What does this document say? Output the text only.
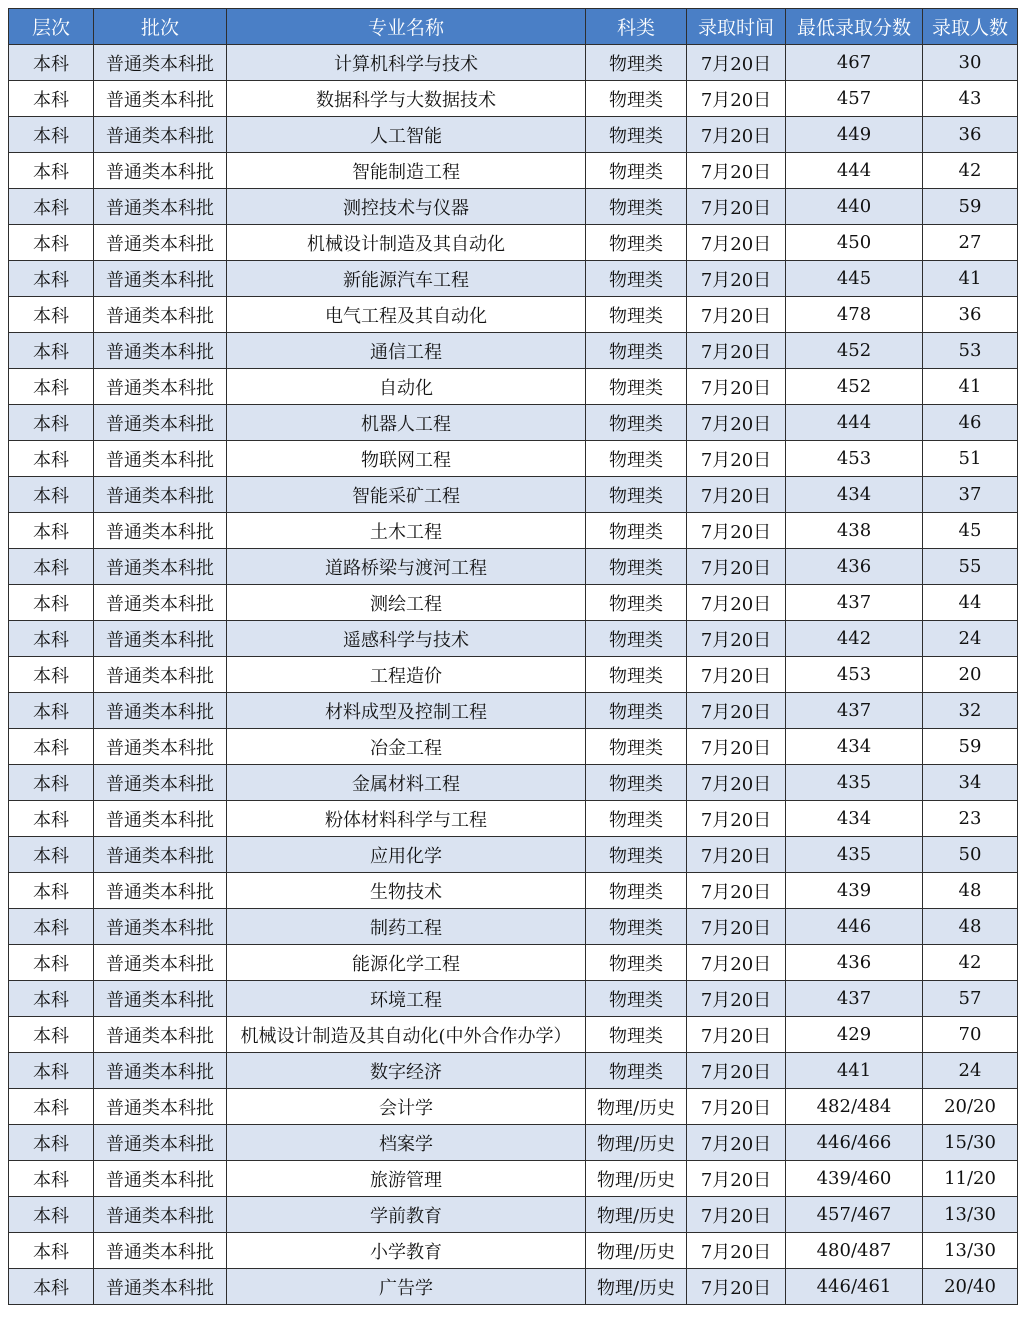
层次	批次	专业名称	科类	录取时间	最低录取分数	录取人数
本科	普通类本科批	计算机科学与技术	物理类	7月20日	467	30
本科	普通类本科批	数据科学与大数据技术	物理类	7月20日	457	43
本科	普通类本科批	人工智能	物理类	7月20日	449	36
本科	普通类本科批	智能制造工程	物理类	7月20日	444	42
本科	普通类本科批	测控技术与仪器	物理类	7月20日	440	59
本科	普通类本科批	机械设计制造及其自动化	物理类	7月20日	450	27
本科	普通类本科批	新能源汽车工程	物理类	7月20日	445	41
本科	普通类本科批	电气工程及其自动化	物理类	7月20日	478	36
本科	普通类本科批	通信工程	物理类	7月20日	452	53
本科	普通类本科批	自动化	物理类	7月20日	452	41
本科	普通类本科批	机器人工程	物理类	7月20日	444	46
本科	普通类本科批	物联网工程	物理类	7月20日	453	51
本科	普通类本科批	智能采矿工程	物理类	7月20日	434	37
本科	普通类本科批	土木工程	物理类	7月20日	438	45
本科	普通类本科批	道路桥梁与渡河工程	物理类	7月20日	436	55
本科	普通类本科批	测绘工程	物理类	7月20日	437	44
本科	普通类本科批	遥感科学与技术	物理类	7月20日	442	24
本科	普通类本科批	工程造价	物理类	7月20日	453	20
本科	普通类本科批	材料成型及控制工程	物理类	7月20日	437	32
本科	普通类本科批	冶金工程	物理类	7月20日	434	59
本科	普通类本科批	金属材料工程	物理类	7月20日	435	34
本科	普通类本科批	粉体材料科学与工程	物理类	7月20日	434	23
本科	普通类本科批	应用化学	物理类	7月20日	435	50
本科	普通类本科批	生物技术	物理类	7月20日	439	48
本科	普通类本科批	制药工程	物理类	7月20日	446	48
本科	普通类本科批	能源化学工程	物理类	7月20日	436	42
本科	普通类本科批	环境工程	物理类	7月20日	437	57
本科	普通类本科批	机械设计制造及其自动化(中外合作办学）	物理类	7月20日	429	70
本科	普通类本科批	数字经济	物理类	7月20日	441	24
本科	普通类本科批	会计学	物理/历史	7月20日	482/484	20/20
本科	普通类本科批	档案学	物理/历史	7月20日	446/466	15/30
本科	普通类本科批	旅游管理	物理/历史	7月20日	439/460	11/20
本科	普通类本科批	学前教育	物理/历史	7月20日	457/467	13/30
本科	普通类本科批	小学教育	物理/历史	7月20日	480/487	13/30
本科	普通类本科批	广告学	物理/历史	7月20日	446/461	20/40
